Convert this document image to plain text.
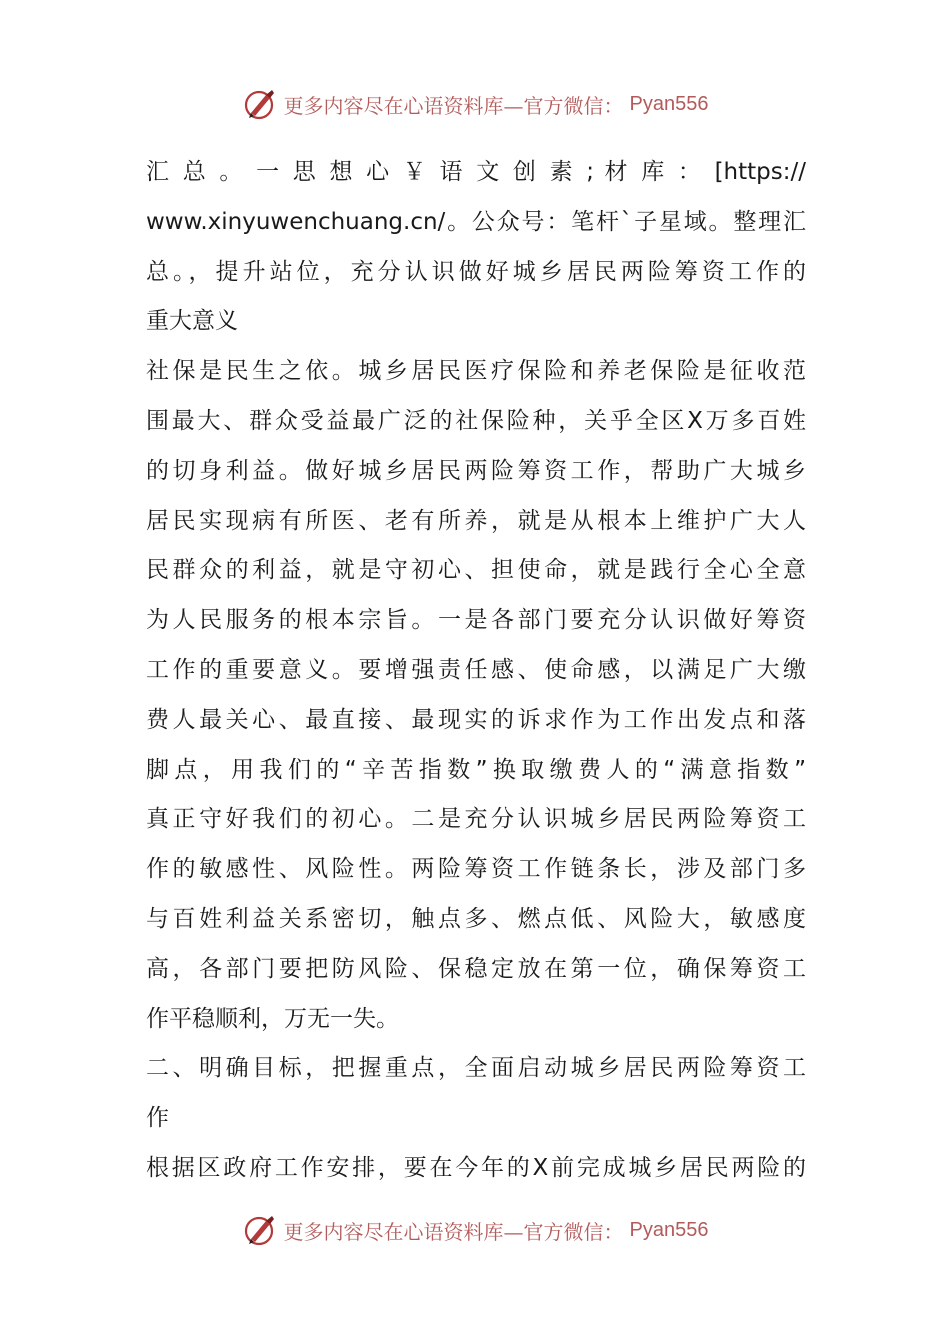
更多内容尽在心语资料库—官方微信： Pyan556
汇 总 。 一 思 想 心 ￥ 语 文 创 素 ; 材 库 ： [https://
www.xinyuwenchuang.cn/。公众号：笔杆`子星域。整理汇
总。，提升站位，充分认识做好城乡居民两险筹资工作的
重大意义
社保是民生之依。城乡居民医疗保险和养老保险是征收范
围最大、群众受益最广泛的社保险种，关乎全区X万多百姓
的切身利益。做好城乡居民两险筹资工作，帮助广大城乡
居民实现病有所医、老有所养，就是从根本上维护广大人
民群众的利益，就是守初心、担使命，就是践行全心全意
为人民服务的根本宗旨。一是各部门要充分认识做好筹资
工作的重要意义。要增强责任感、使命感，以满足广大缴
费人最关心、最直接、最现实的诉求作为工作出发点和落
脚点，用我们的“辛苦指数”换取缴费人的“满意指数”
真正守好我们的初心。二是充分认识城乡居民两险筹资工
作的敏感性、风险性。两险筹资工作链条长，涉及部门多
与百姓利益关系密切，触点多、燃点低、风险大，敏感度
高，各部门要把防风险、保稳定放在第一位，确保筹资工
作平稳顺利，万无一失。
二、明确目标，把握重点，全面启动城乡居民两险筹资工
作
根据区政府工作安排，要在今年的X前完成城乡居民两险的
更多内容尽在心语资料库—官方微信： Pyan556
